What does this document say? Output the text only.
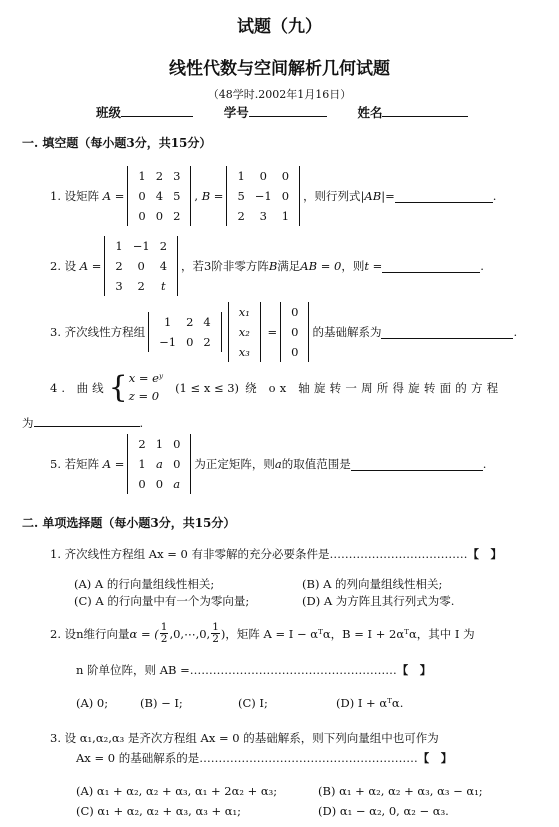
试题（九）
线性代数与空间解析几何试题
（48学时.2002年1月16日）
班级	学号	姓名
一. 填空题（每小题3分，共15分）
1. 设矩阵 A =
1	2	3
0	4	5
0	0	2
, B =
1	0	0
5	−1	0
2	3	1
，则行列式 |AB| =	.
2. 设 A =
1	−1	2
2	0	4
3	2	t
，若3阶非零方阵 B 满足 AB = 0 ，则 t =	.
3. 齐次线性方程组
1	2	4
−1	0	2
x₁
x₂
x₃
=
0
0
0
的基础解系为	.
4. 曲线 { x = eʸ
z = 0
(1 ≤ x ≤ 3) 绕 ox 轴旋转一周所得旋转面的方程
为	.
5. 若矩阵 A =
2	1	0
1	a	0
0	0	a
为正定矩阵，则 a 的取值范围是	.
二. 单项选择题（每小题3分，共15分）
1. 齐次线性方程组 Ax = 0 有非零解的充分必要条件是………………………………【　】
(A) A 的行向量组线性相关;	(B) A 的列向量组线性相关;
(C) A 的行向量中有一个为零向量;	(D) A 为方阵且其行列式为零.
2. 设n维行向量 α = ( $\frac{1}{2}$ ,0,⋯,0, $\frac{1}{2}$ ) ，矩阵 A = I − αᵀα，B = I + 2αᵀα，其中 I 为
n 阶单位阵，则 AB =………………………………………………【　】
(A) 0;	(B) − I;	(C) I;	(D) I + αᵀα.
3. 设 α₁,α₂,α₃ 是齐次方程组 Ax = 0 的基础解系，则下列向量组中也可作为
Ax = 0 的基础解系的是…………………………………………………【　】
(A) α₁ + α₂, α₂ + α₃, α₁ + 2α₂ + α₃;	(B) α₁ + α₂, α₂ + α₃, α₃ − α₁;
(C) α₁ + α₂, α₂ + α₃, α₃ + α₁;	(D) α₁ − α₂, 0, α₂ − α₃.
